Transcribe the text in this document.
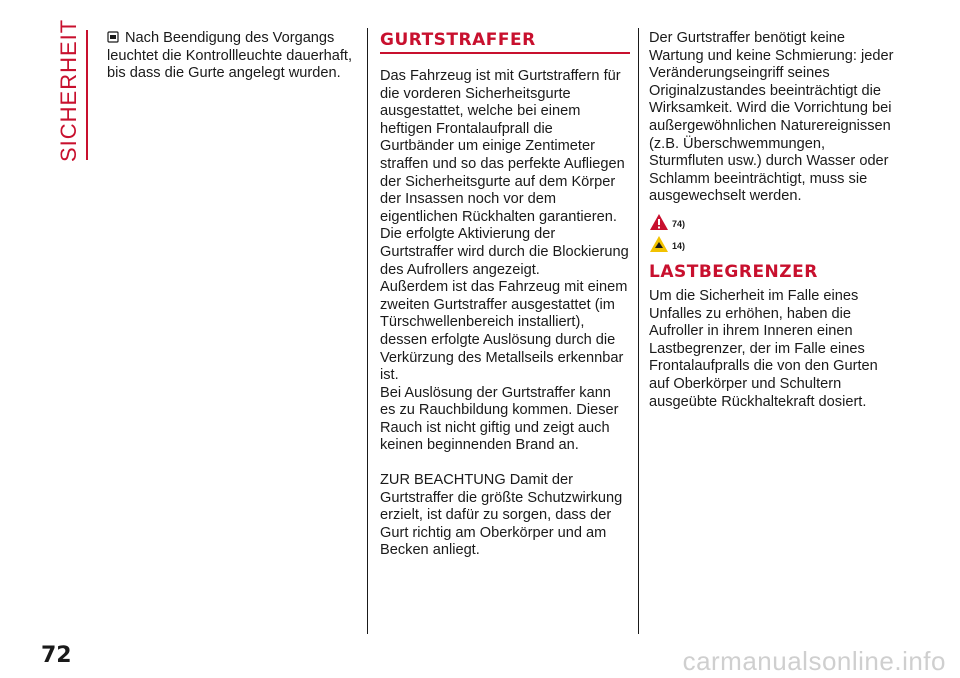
SICHERHEIT	Nach Beendigung des Vorgangs leuchtet die Kontrollleuchte dauerhaft, bis dass die Gurte angelegt wurden.

GURTSTRAFFER

Das Fahrzeug ist mit Gurtstraffern für die vorderen Sicherheitsgurte ausgestattet, welche bei einem heftigen Frontalaufprall die Gurtbänder um einige Zentimeter straffen und so das perfekte Aufliegen der Sicherheitsgurte auf dem Körper der Insassen noch vor dem eigentlichen Rückhalten garantieren.

Die erfolgte Aktivierung der Gurtstraffer wird durch die Blockierung des Aufrollers angezeigt.

Außerdem ist das Fahrzeug mit einem zweiten Gurtstraffer ausgestattet (im Türschwellenbereich installiert), dessen erfolgte Auslösung durch die Verkürzung des Metallseils erkennbar ist.

Bei Auslösung der Gurtstraffer kann es zu Rauchbildung kommen. Dieser Rauch ist nicht giftig und zeigt auch keinen beginnenden Brand an.

ZUR BEACHTUNG Damit der Gurtstraffer die größte Schutzwirkung erzielt, ist dafür zu sorgen, dass der Gurt richtig am Oberkörper und am Becken anliegt.

Der Gurtstraffer benötigt keine Wartung und keine Schmierung: jeder Veränderungseingriff seines Originalzustandes beeinträchtigt die Wirksamkeit. Wird die Vorrichtung bei außergewöhnlichen Naturereignissen (z.B. Überschwemmungen, Sturmfluten usw.) durch Wasser oder Schlamm beeinträchtigt, muss sie ausgewechselt werden.

74)
14)
LASTBEGRENZER

Um die Sicherheit im Falle eines Unfalles zu erhöhen, haben die Aufroller in ihrem Inneren einen Lastbegrenzer, der im Falle eines Frontalaufpralls die von den Gurten auf Oberkörper und Schultern ausgeübte Rückhaltekraft dosiert.

72	carmanualsonline.info
